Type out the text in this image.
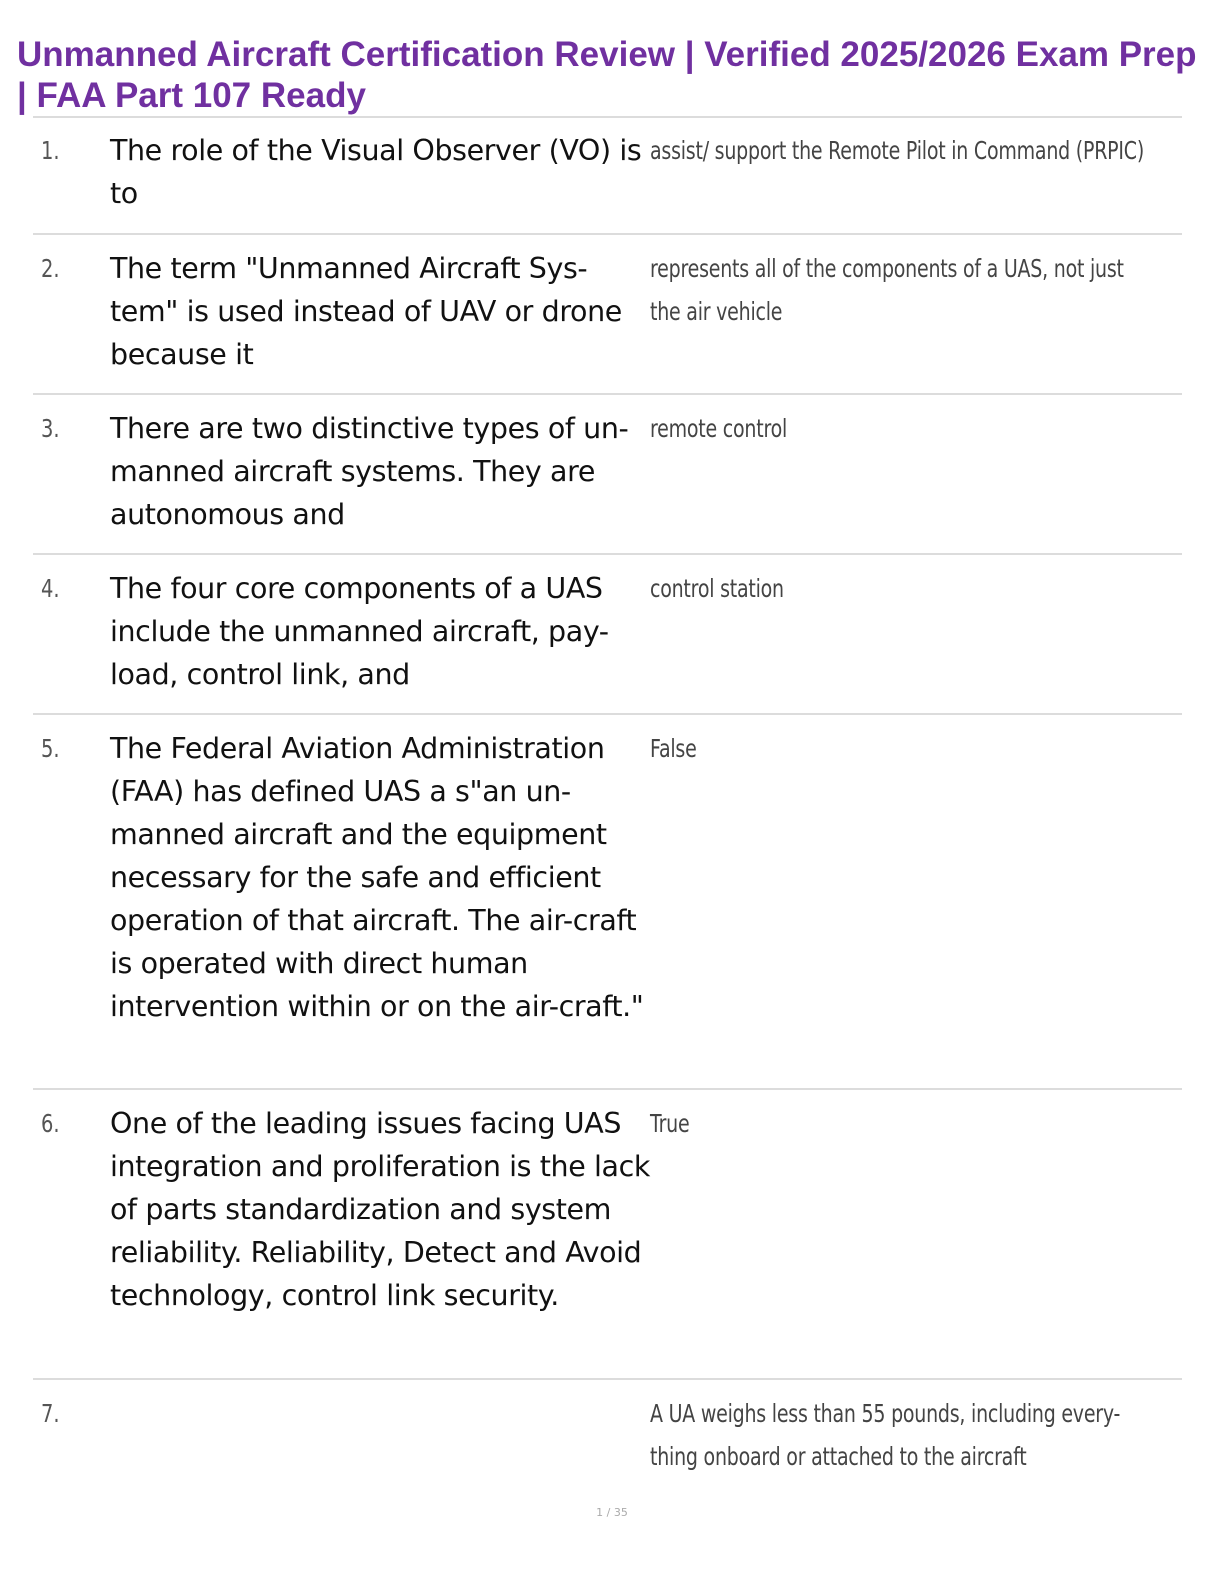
Unmanned Aircraft Certification Review | Verified 2025/2026 Exam Prep | FAA Part 107 Ready
1. The role of the Visual Observer (VO) is to
assist/ support the Remote Pilot in Command (PRPIC)
2. The term "Unmanned Aircraft Sys-tem" is used instead of UAV or drone because it
represents all of the components of a UAS, not just the air vehicle
3. There are two distinctive types of un-manned aircraft systems. They are autonomous and
remote control
4. The four core components of a UAS include the unmanned aircraft, pay-load, control link, and
control station
5. The Federal Aviation Administration (FAA) has defined UAS a s"an un-manned aircraft and the equipment necessary for the safe and efficient operation of that aircraft. The air-craft is operated with direct human intervention within or on the air-craft."
False
6. One of the leading issues facing UAS integration and proliferation is the lack of parts standardization and system reliability. Reliability, Detect and Avoid technology, control link security.
True
7.	A UA weighs less than 55 pounds, including every-thing onboard or attached to the aircraft
1 / 35
